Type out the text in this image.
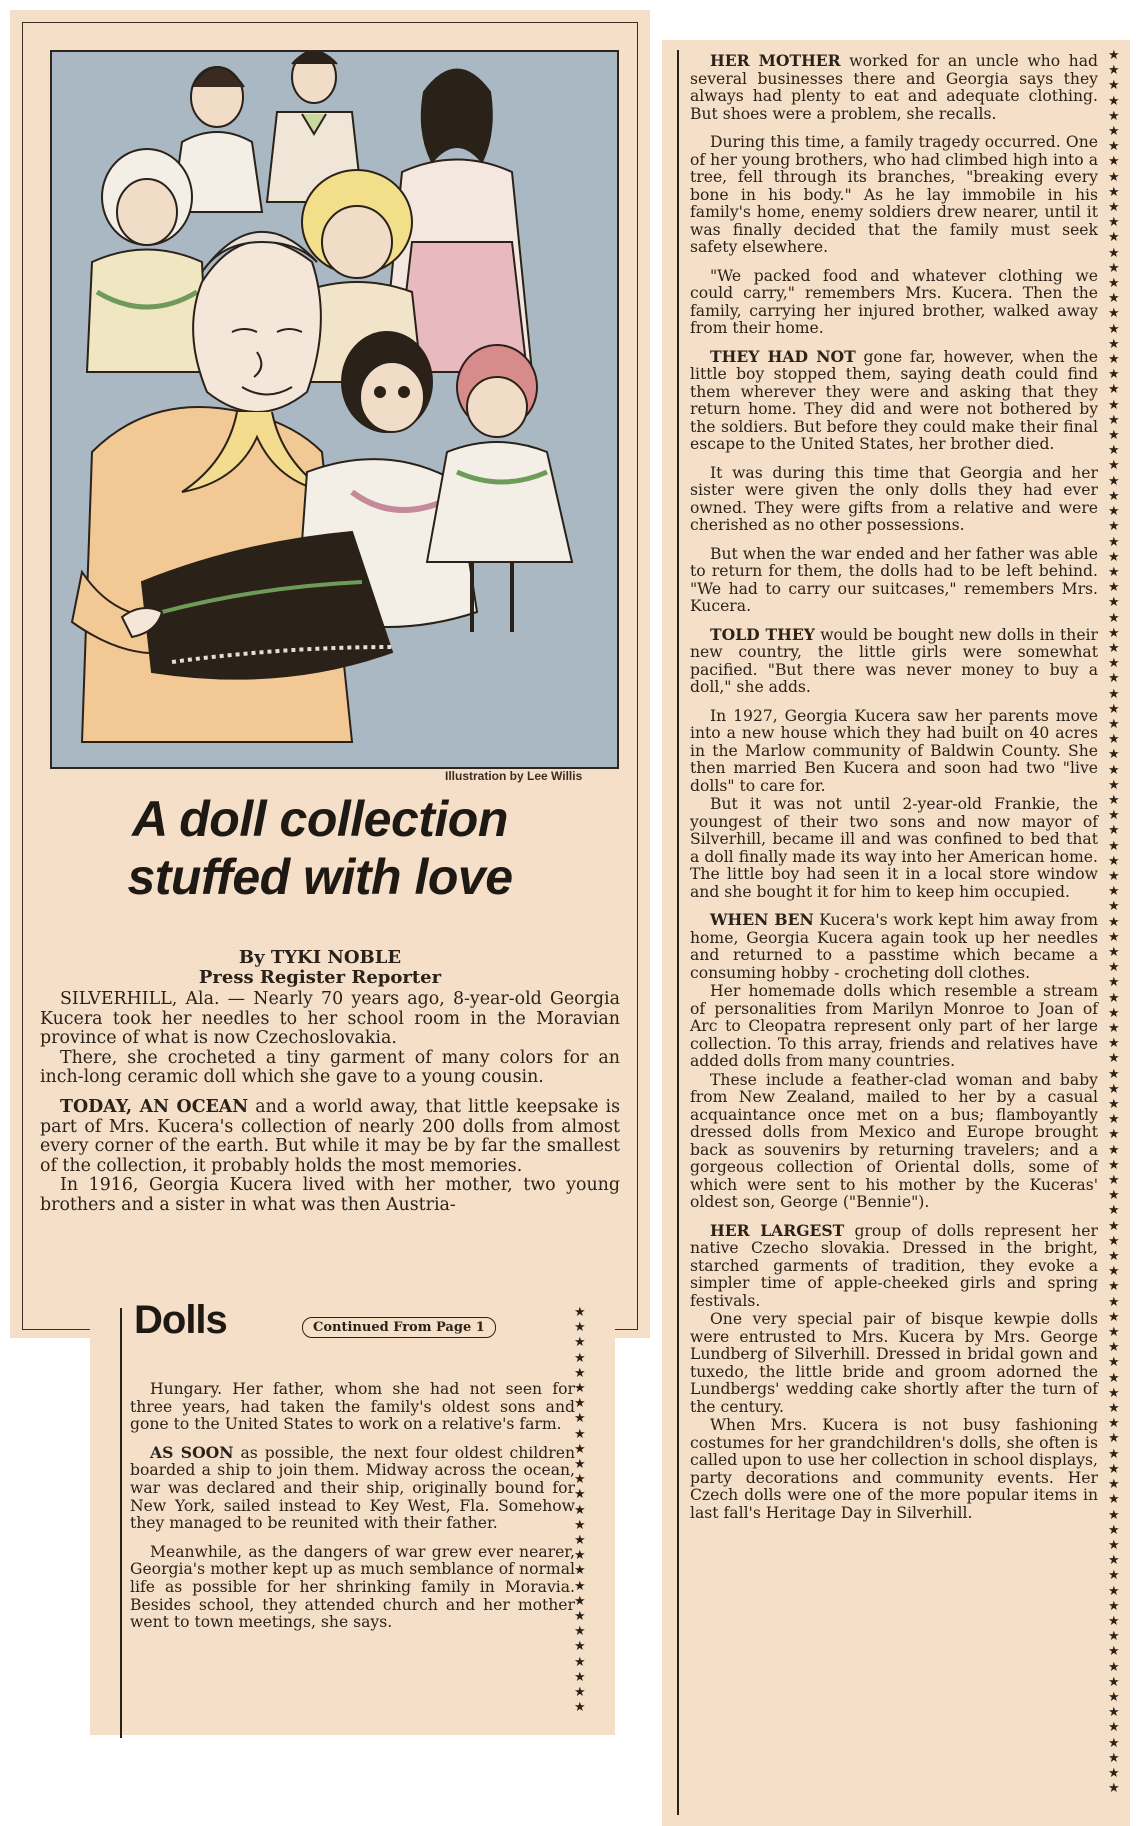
Illustration by Lee Willis
A doll collection
stuffed with love
By TYKI NOBLE
Press Register Reporter

SILVERHILL, Ala. — Nearly 70 years ago, 8-year-old Georgia Kucera took her needles to her school room in the Moravian province of what is now Czechoslovakia.

There, she crocheted a tiny garment of many colors for an inch-long ceramic doll which she gave to a young cousin.

TODAY, AN OCEAN and a world away, that little keepsake is part of Mrs. Kucera's collection of nearly 200 dolls from almost every corner of the earth. But while it may be by far the smallest of the collection, it probably holds the most memories.

In 1916, Georgia Kucera lived with her mother, two young brothers and a sister in what was then Austria-

Dolls	Continued From Page 1

Hungary. Her father, whom she had not seen for three years, had taken the family's oldest sons and gone to the United States to work on a relative's farm.

AS SOON as possible, the next four oldest children boarded a ship to join them. Midway across the ocean, war was declared and their ship, originally bound for New York, sailed instead to Key West, Fla. Somehow they managed to be reunited with their father.

Meanwhile, as the dangers of war grew ever nearer, Georgia's mother kept up as much semblance of normal life as possible for her shrinking family in Moravia. Besides school, they attended church and her mother went to town meetings, she says.

★
★
★
★
★
★
★
★
★
★
★
★
★
★
★
★
★
★
★
★
★
★
★
★
★
★
★

HER MOTHER worked for an uncle who had several businesses there and Georgia says they always had plenty to eat and adequate clothing. But shoes were a problem, she recalls.

During this time, a family tragedy occurred. One of her young brothers, who had climbed high into a tree, fell through its branches, "breaking every bone in his body." As he lay immobile in his family's home, enemy soldiers drew nearer, until it was finally decided that the family must seek safety elsewhere.

"We packed food and whatever clothing we could carry," remembers Mrs. Kucera. Then the family, carrying her injured brother, walked away from their home.

THEY HAD NOT gone far, however, when the little boy stopped them, saying death could find them wherever they were and asking that they return home. They did and were not bothered by the soldiers. But before they could make their final escape to the United States, her brother died.

It was during this time that Georgia and her sister were given the only dolls they had ever owned. They were gifts from a relative and were cherished as no other possessions.

But when the war ended and her father was able to return for them, the dolls had to be left behind. "We had to carry our suitcases," remembers Mrs. Kucera.

TOLD THEY would be bought new dolls in their new country, the little girls were somewhat pacified. "But there was never money to buy a doll," she adds.

In 1927, Georgia Kucera saw her parents move into a new house which they had built on 40 acres in the Marlow community of Baldwin County. She then married Ben Kucera and soon had two "live dolls" to care for.

But it was not until 2-year-old Frankie, the youngest of their two sons and now mayor of Silverhill, became ill and was confined to bed that a doll finally made its way into her American home. The little boy had seen it in a local store window and she bought it for him to keep him occupied.

WHEN BEN Kucera's work kept him away from home, Georgia Kucera again took up her needles and returned to a passtime which became a consuming hobby - crocheting doll clothes.

Her homemade dolls which resemble a stream of personalities from Marilyn Monroe to Joan of Arc to Cleopatra represent only part of her large collection. To this array, friends and relatives have added dolls from many countries.

These include a feather-clad woman and baby from New Zealand, mailed to her by a casual acquaintance once met on a bus; flamboyantly dressed dolls from Mexico and Europe brought back as souvenirs by returning travelers; and a gorgeous collection of Oriental dolls, some of which were sent to his mother by the Kuceras' oldest son, George ("Bennie").

HER LARGEST group of dolls represent her native Czecho slovakia. Dressed in the bright, starched garments of tradition, they evoke a simpler time of apple-cheeked girls and spring festivals.

One very special pair of bisque kewpie dolls were entrusted to Mrs. Kucera by Mrs. George Lundberg of Silverhill. Dressed in bridal gown and tuxedo, the little bride and groom adorned the Lundbergs' wedding cake shortly after the turn of the century.

When Mrs. Kucera is not busy fashioning costumes for her grandchildren's dolls, she often is called upon to use her collection in school displays, party decorations and community events. Her Czech dolls were one of the more popular items in last fall's Heritage Day in Silverhill.

★
★
★
★
★
★
★
★
★
★
★
★
★
★
★
★
★
★
★
★
★
★
★
★
★
★
★
★
★
★
★
★
★
★
★
★
★
★
★
★
★
★
★
★
★
★
★
★
★
★
★
★
★
★
★
★
★
★
★
★
★
★
★
★
★
★
★
★
★
★
★
★
★
★
★
★
★
★
★
★
★
★
★
★
★
★
★
★
★
★
★
★
★
★
★
★
★
★
★
★
★
★
★
★
★
★
★
★
★
★
★
★
★
★
★
